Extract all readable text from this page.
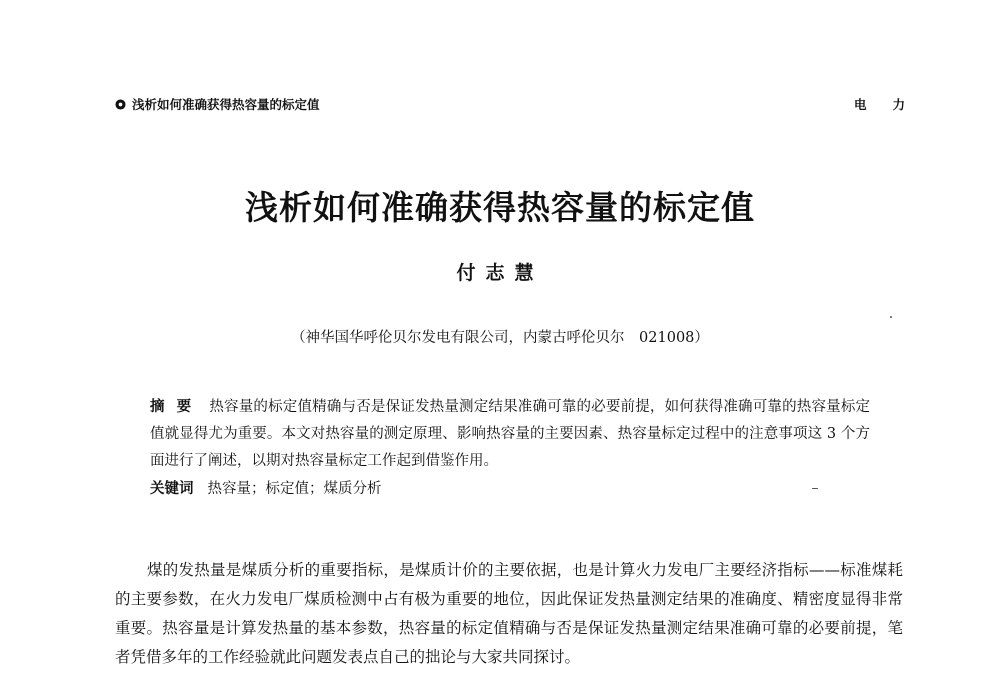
浅析如何准确获得热容量的标定值	电力
浅析如何准确获得热容量的标定值
付志慧
（神华国华呼伦贝尔发电有限公司，内蒙古呼伦贝尔　021008）
摘要 热容量的标定值精确与否是保证发热量测定结果准确可靠的必要前提，如何获得准确可靠的热容量标定值就显得尤为重要。本文对热容量的测定原理、影响热容量的主要因素、热容量标定过程中的注意事项这 3 个方面进行了阐述，以期对热容量标定工作起到借鉴作用。
关键词 热容量；标定值；煤质分析
煤的发热量是煤质分析的重要指标，是煤质计价的主要依据，也是计算火力发电厂主要经济指标——标准煤耗的主要参数，在火力发电厂煤质检测中占有极为重要的地位，因此保证发热量测定结果的准确度、精密度显得非常重要。热容量是计算发热量的基本参数，热容量的标定值精确与否是保证发热量测定结果准确可靠的必要前提，笔者凭借多年的工作经验就此问题发表点自己的拙论与大家共同探讨。
